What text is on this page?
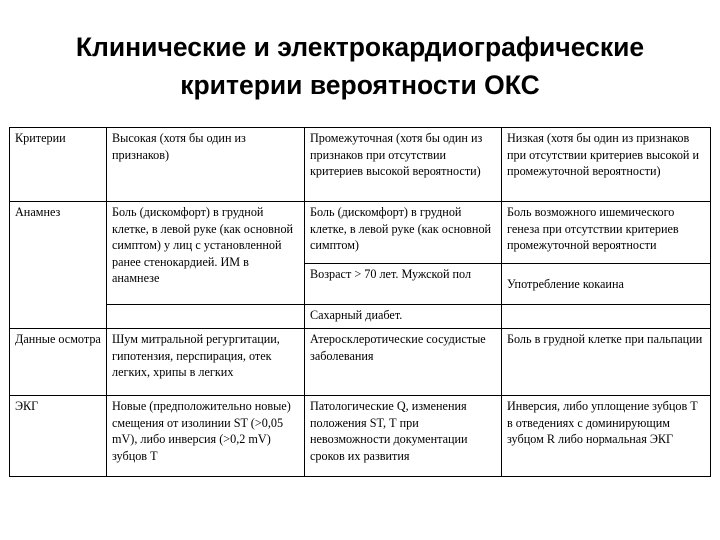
Клинические и электрокардиографические
критерии вероятности ОКС
Критерии	Высокая (хотя бы один из признаков)	Промежуточная (хотя бы один из признаков при отсутствии критериев высокой вероятности)	Низкая (хотя бы один из признаков при отсутствии критериев высокой и промежуточной вероятности)
Анамнез	Боль (дискомфорт) в грудной клетке, в левой руке (как основной симптом) у лиц с установленной ранее стенокардией. ИМ в анамнезе	Боль (дискомфорт) в грудной клетке, в левой руке (как основной симптом)	Боль возможного ишемического генеза при отсутствии критериев промежуточной вероятности
		Возраст > 70 лет. Мужской пол	Употребление кокаина
		Сахарный диабет.	
Данные осмотра	Шум митральной регургитации, гипотензия, перспирация, отек легких, хрипы в легких	Атеросклеротические сосудистые заболевания	Боль в грудной клетке при пальпации
ЭКГ	Новые (предположительно новые) смещения от изолинии ST (>0,05 mV), либо инверсия (>0,2 mV) зубцов Т	Патологические Q, изменения положения ST, Т при невозможности документации сроков их развития	Инверсия, либо уплощение зубцов Т в отведениях с доминирующим зубцом R либо нормальная ЭКГ
